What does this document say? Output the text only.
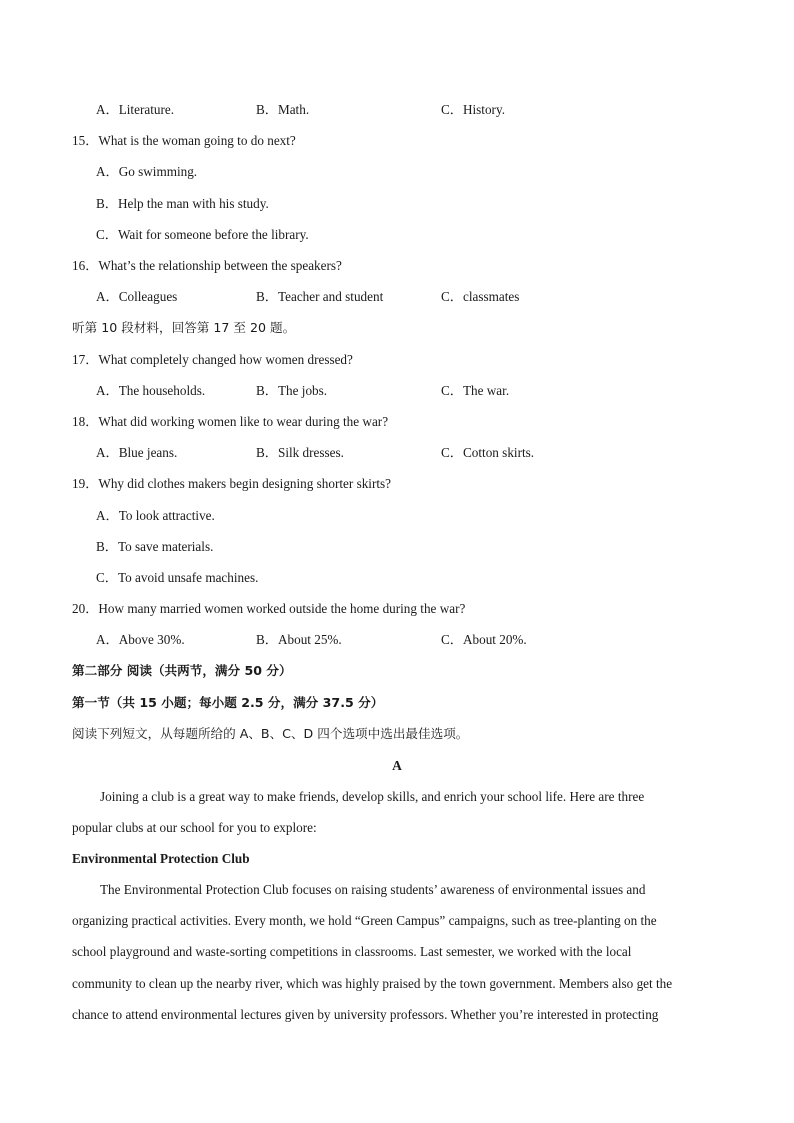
A．Literature.	B．Math.	C．History.
15．What is the woman going to do next?
A．Go swimming.
B．Help the man with his study.
C．Wait for someone before the library.
16．What’s the relationship between the speakers?
A．Colleagues	B．Teacher and student	C．classmates
听第 10 段材料，回答第 17 至 20 题。
17．What completely changed how women dressed?
A．The households.	B．The jobs.	C．The war.
18．What did working women like to wear during the war?
A．Blue jeans.	B．Silk dresses.	C．Cotton skirts.
19．Why did clothes makers begin designing shorter skirts?
A．To look attractive.
B．To save materials.
C．To avoid unsafe machines.
20．How many married women worked outside the home during the war?
A．Above 30%.	B．About 25%.	C．About 20%.
第二部分 阅读（共两节，满分 50 分）
第一节（共 15 小题；每小题 2.5 分，满分 37.5 分）
阅读下列短文，从每题所给的 A、B、C、D 四个选项中选出最佳选项。
A
Joining a club is a great way to make friends, develop skills, and enrich your school life. Here are three
popular clubs at our school for you to explore:
Environmental Protection Club
The Environmental Protection Club focuses on raising students’ awareness of environmental issues and
organizing practical activities. Every month, we hold “Green Campus” campaigns, such as tree-planting on the
school playground and waste-sorting competitions in classrooms. Last semester, we worked with the local
community to clean up the nearby river, which was highly praised by the town government. Members also get the
chance to attend environmental lectures given by university professors. Whether you’re interested in protecting
